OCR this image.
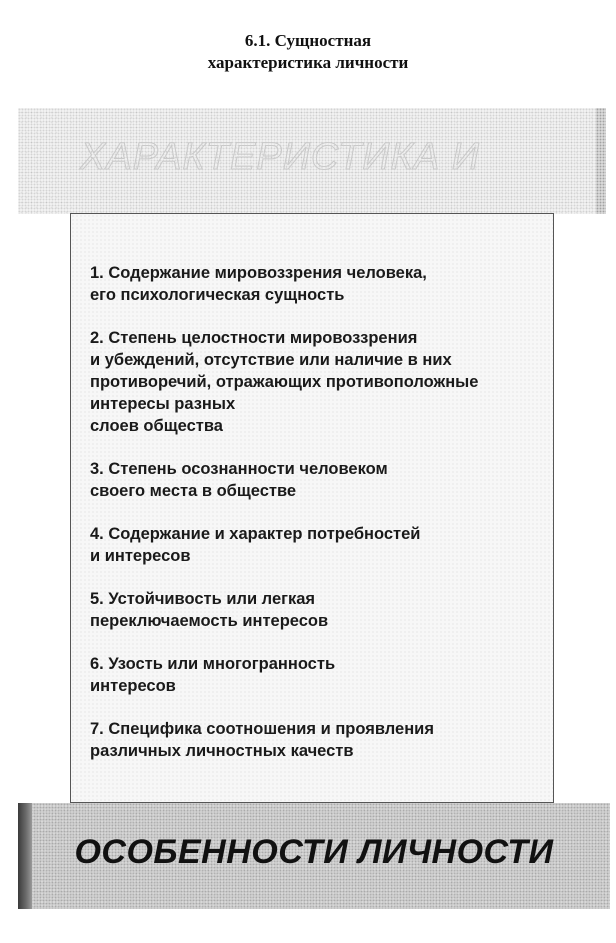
6.1. Сущностная
характеристика личности
ХАРАКТЕРИСТИКА И
1. Содержание мировоззрения человека,
его психологическая сущность
2. Степень целостности мировоззрения
и убеждений, отсутствие или наличие в них
противоречий, отражающих противоположные
интересы разных
слоев общества
3. Степень осознанности человеком
своего места в обществе
4. Содержание и характер потребностей
и интересов
5. Устойчивость или легкая
переключаемость интересов
6. Узость или многогранность
интересов
7. Специфика соотношения и проявления
различных личностных качеств
ОСОБЕННОСТИ ЛИЧНОСТИ
